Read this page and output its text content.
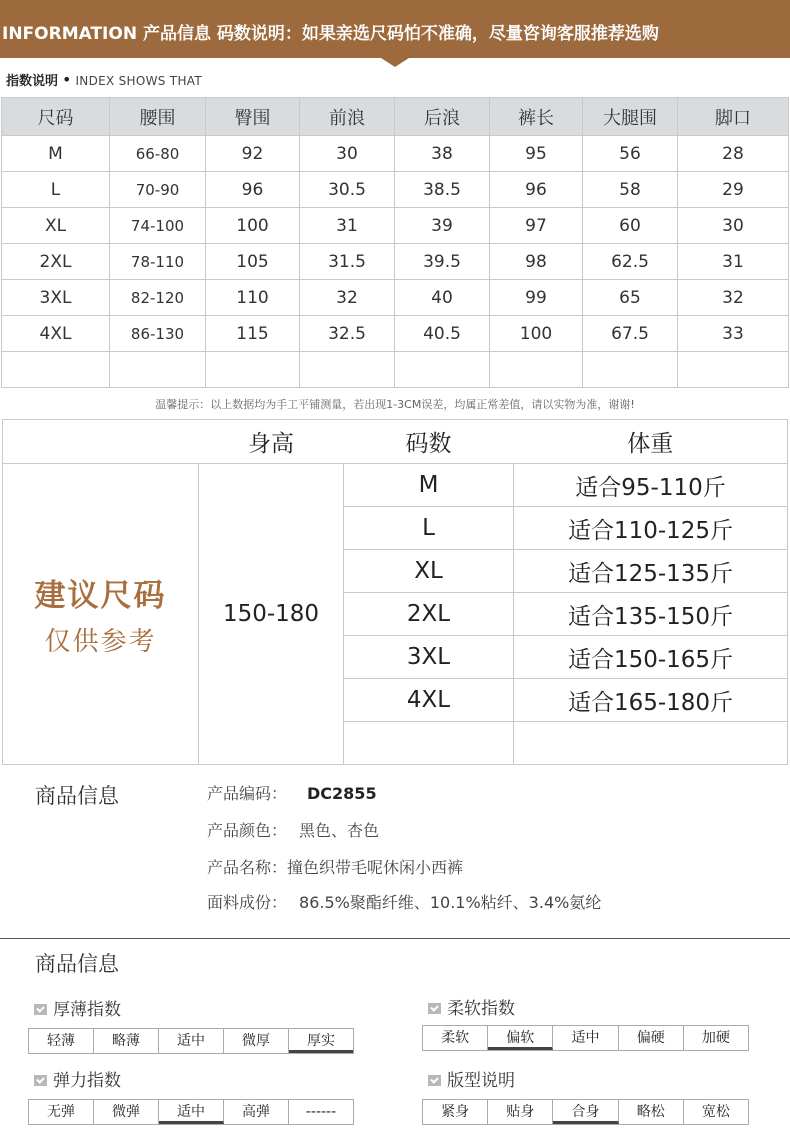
INFORMATION 产品信息 码数说明：如果亲选尺码怕不准确，尽量咨询客服推荐选购
指数说明 • INDEX SHOWS THAT
尺码	腰围	臀围	前浪	后浪	裤长	大腿围	脚口
M	66-80	92	30	38	95	56	28
L	70-90	96	30.5	38.5	96	58	29
XL	74-100	100	31	39	97	60	30
2XL	78-110	105	31.5	39.5	98	62.5	31
3XL	82-120	110	32	40	99	65	32
4XL	86-130	115	32.5	40.5	100	67.5	33

温馨提示：以上数据均为手工平铺测量，若出现1-3CM误差，均属正常差值，请以实物为准，谢谢!
	身高	码数	体重

建议尺码
仅供参考	150-180	M	适合95-110斤
		L	适合110-125斤
		XL	适合125-135斤
		2XL	适合135-150斤
		3XL	适合150-165斤
		4XL	适合165-180斤

商品信息	产品编码： DC2855
产品颜色： 黑色、杏色
产品名称：撞色织带毛呢休闲小西裤
面料成份： 86.5%聚酯纤维、10.1%粘纤、3.4%氨纶
商品信息
厚薄指数
轻薄	略薄	适中	微厚	厚实
柔软指数
柔软	偏软	适中	偏硬	加硬
弹力指数
无弹	微弹	适中	高弹	------
版型说明
紧身	贴身	合身	略松	宽松
